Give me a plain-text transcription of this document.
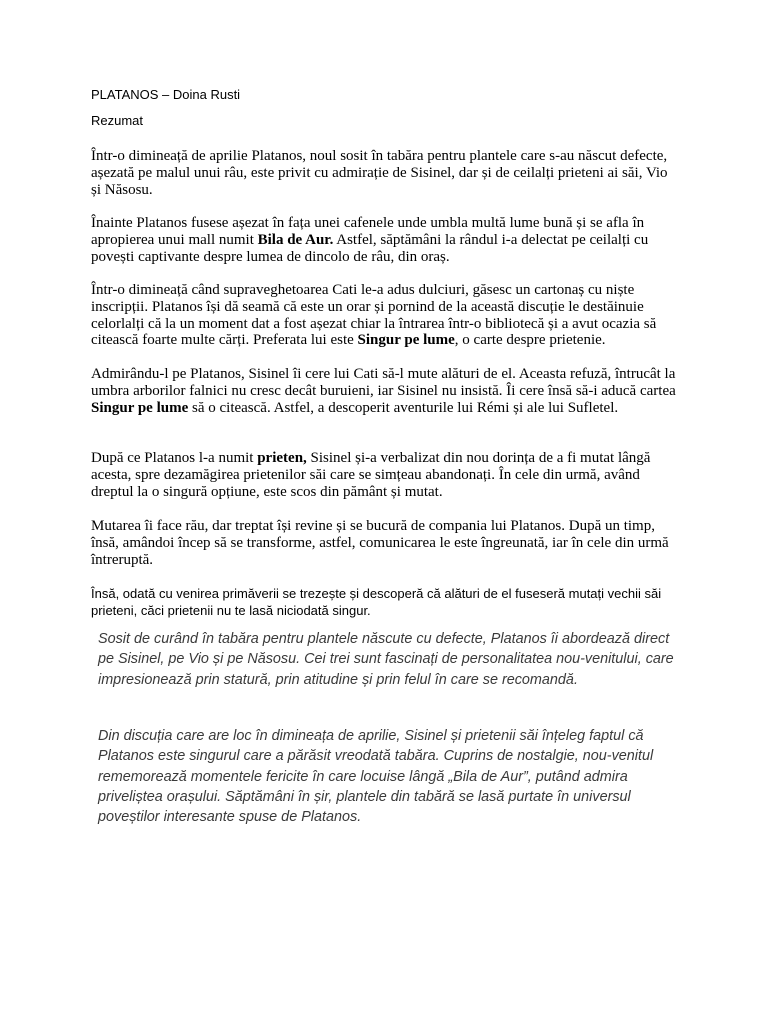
PLATANOS – Doina Rusti
Rezumat

Într-o dimineață de aprilie Platanos, noul sosit în tabăra pentru plantele care s-au născut defecte, așezată pe malul unui râu, este privit cu admirație de Sisinel, dar și de ceilalți prieteni ai săi, Vio și Năsosu.

Înainte Platanos fusese așezat în fața unei cafenele unde umbla multă lume bună și se afla în apropierea unui mall numit Bila de Aur. Astfel, săptămâni la rândul i-a delectat pe ceilalți cu povești captivante despre lumea de dincolo de râu, din oraș.

Într-o dimineață când supraveghetoarea Cati le-a adus dulciuri, găsesc un cartonaș cu niște inscripții. Platanos își dă seamă că este un orar și pornind de la această discuție le destăinuie celorlalți că la un moment dat a fost așezat chiar la întrarea într-o bibliotecă și a avut ocazia să citească foarte multe cărți. Preferata lui este Singur pe lume, o carte despre prietenie.

Admirându-l pe Platanos, Sisinel îi cere lui Cati să-l mute alături de el. Aceasta refuză, întrucât la umbra arborilor falnici nu cresc decât buruieni, iar Sisinel nu insistă. Îi cere însă să-i aducă cartea Singur pe lume să o citească. Astfel, a descoperit aventurile lui Rémi și ale lui Sufletel.

După ce Platanos l-a numit prieten, Sisinel și-a verbalizat din nou dorința de a fi mutat lângă acesta, spre dezamăgirea prietenilor săi care se simțeau abandonați. În cele din urmă, având dreptul la o singură opțiune, este scos din pământ și mutat.

Mutarea îi face rău, dar treptat își revine și se bucură de compania lui Platanos. După un timp, însă, amândoi încep să se transforme, astfel, comunicarea le este îngreunată, iar în cele din urmă întreruptă.

Însă, odată cu venirea primăverii se trezește și descoperă că alături de el fuseseră mutați vechii săi prieteni, căci prietenii nu te lasă niciodată singur.

Sosit de curând în tabăra pentru plantele născute cu defecte, Platanos îi abordează direct pe Sisinel, pe Vio și pe Năsosu. Cei trei sunt fascinați de personalitatea nou-venitului, care impresionează prin statură, prin atitudine și prin felul în care se recomandă.

Din discuția care are loc în dimineața de aprilie, Sisinel și prietenii săi înțeleg faptul că Platanos este singurul care a părăsit vreodată tabăra. Cuprins de nostalgie, nou-venitul rememorează momentele fericite în care locuise lângă „Bila de Aur”, putând admira priveliștea orașului. Săptămâni în șir, plantele din tabără se lasă purtate în universul poveștilor interesante spuse de Platanos.
